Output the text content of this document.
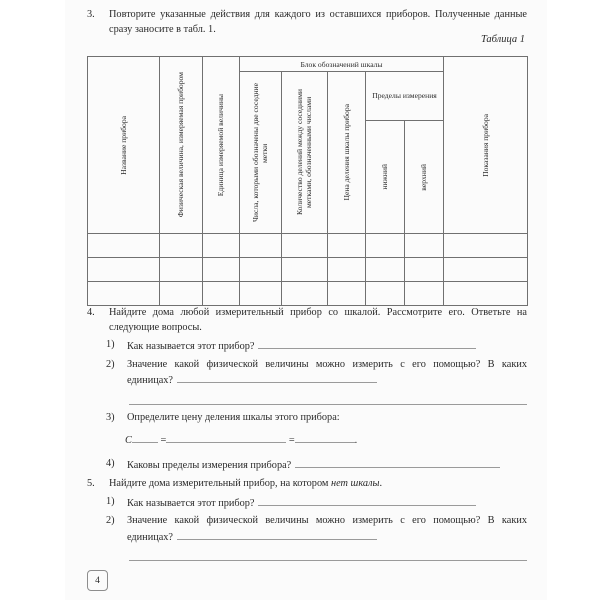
3.	Повторите указанные действия для каждого из оставшихся приборов. Полученные данные сразу заносите в табл. 1.
Таблица 1
Название прибора	Физическая величина, измеряемая прибором	Единица измеряемой величины	Блок обозначений шкалы					Показания прибора

			Числа, которыми обозначены две соседние метки	Количество делений между соседними метками, обозначенными числами	Цена деления шкалы прибора	Пределы измерения		

						нижний	верхний	

4.	Найдите дома любой измерительный прибор со шкалой. Рассмотрите его. Ответьте на следующие вопросы.
1)	Как называется этот прибор?
2)	Значение какой физической величины можно измерить с его помощью? В каких единицах?
3)	Определите цену деления шкалы этого прибора:
C	=	=	.
4)	Каковы пределы измерения прибора?
5.	Найдите дома измерительный прибор, на котором нет шкалы.
1)	Как называется этот прибор?
2)	Значение какой физической величины можно измерить с его помощью? В каких единицах?
4
